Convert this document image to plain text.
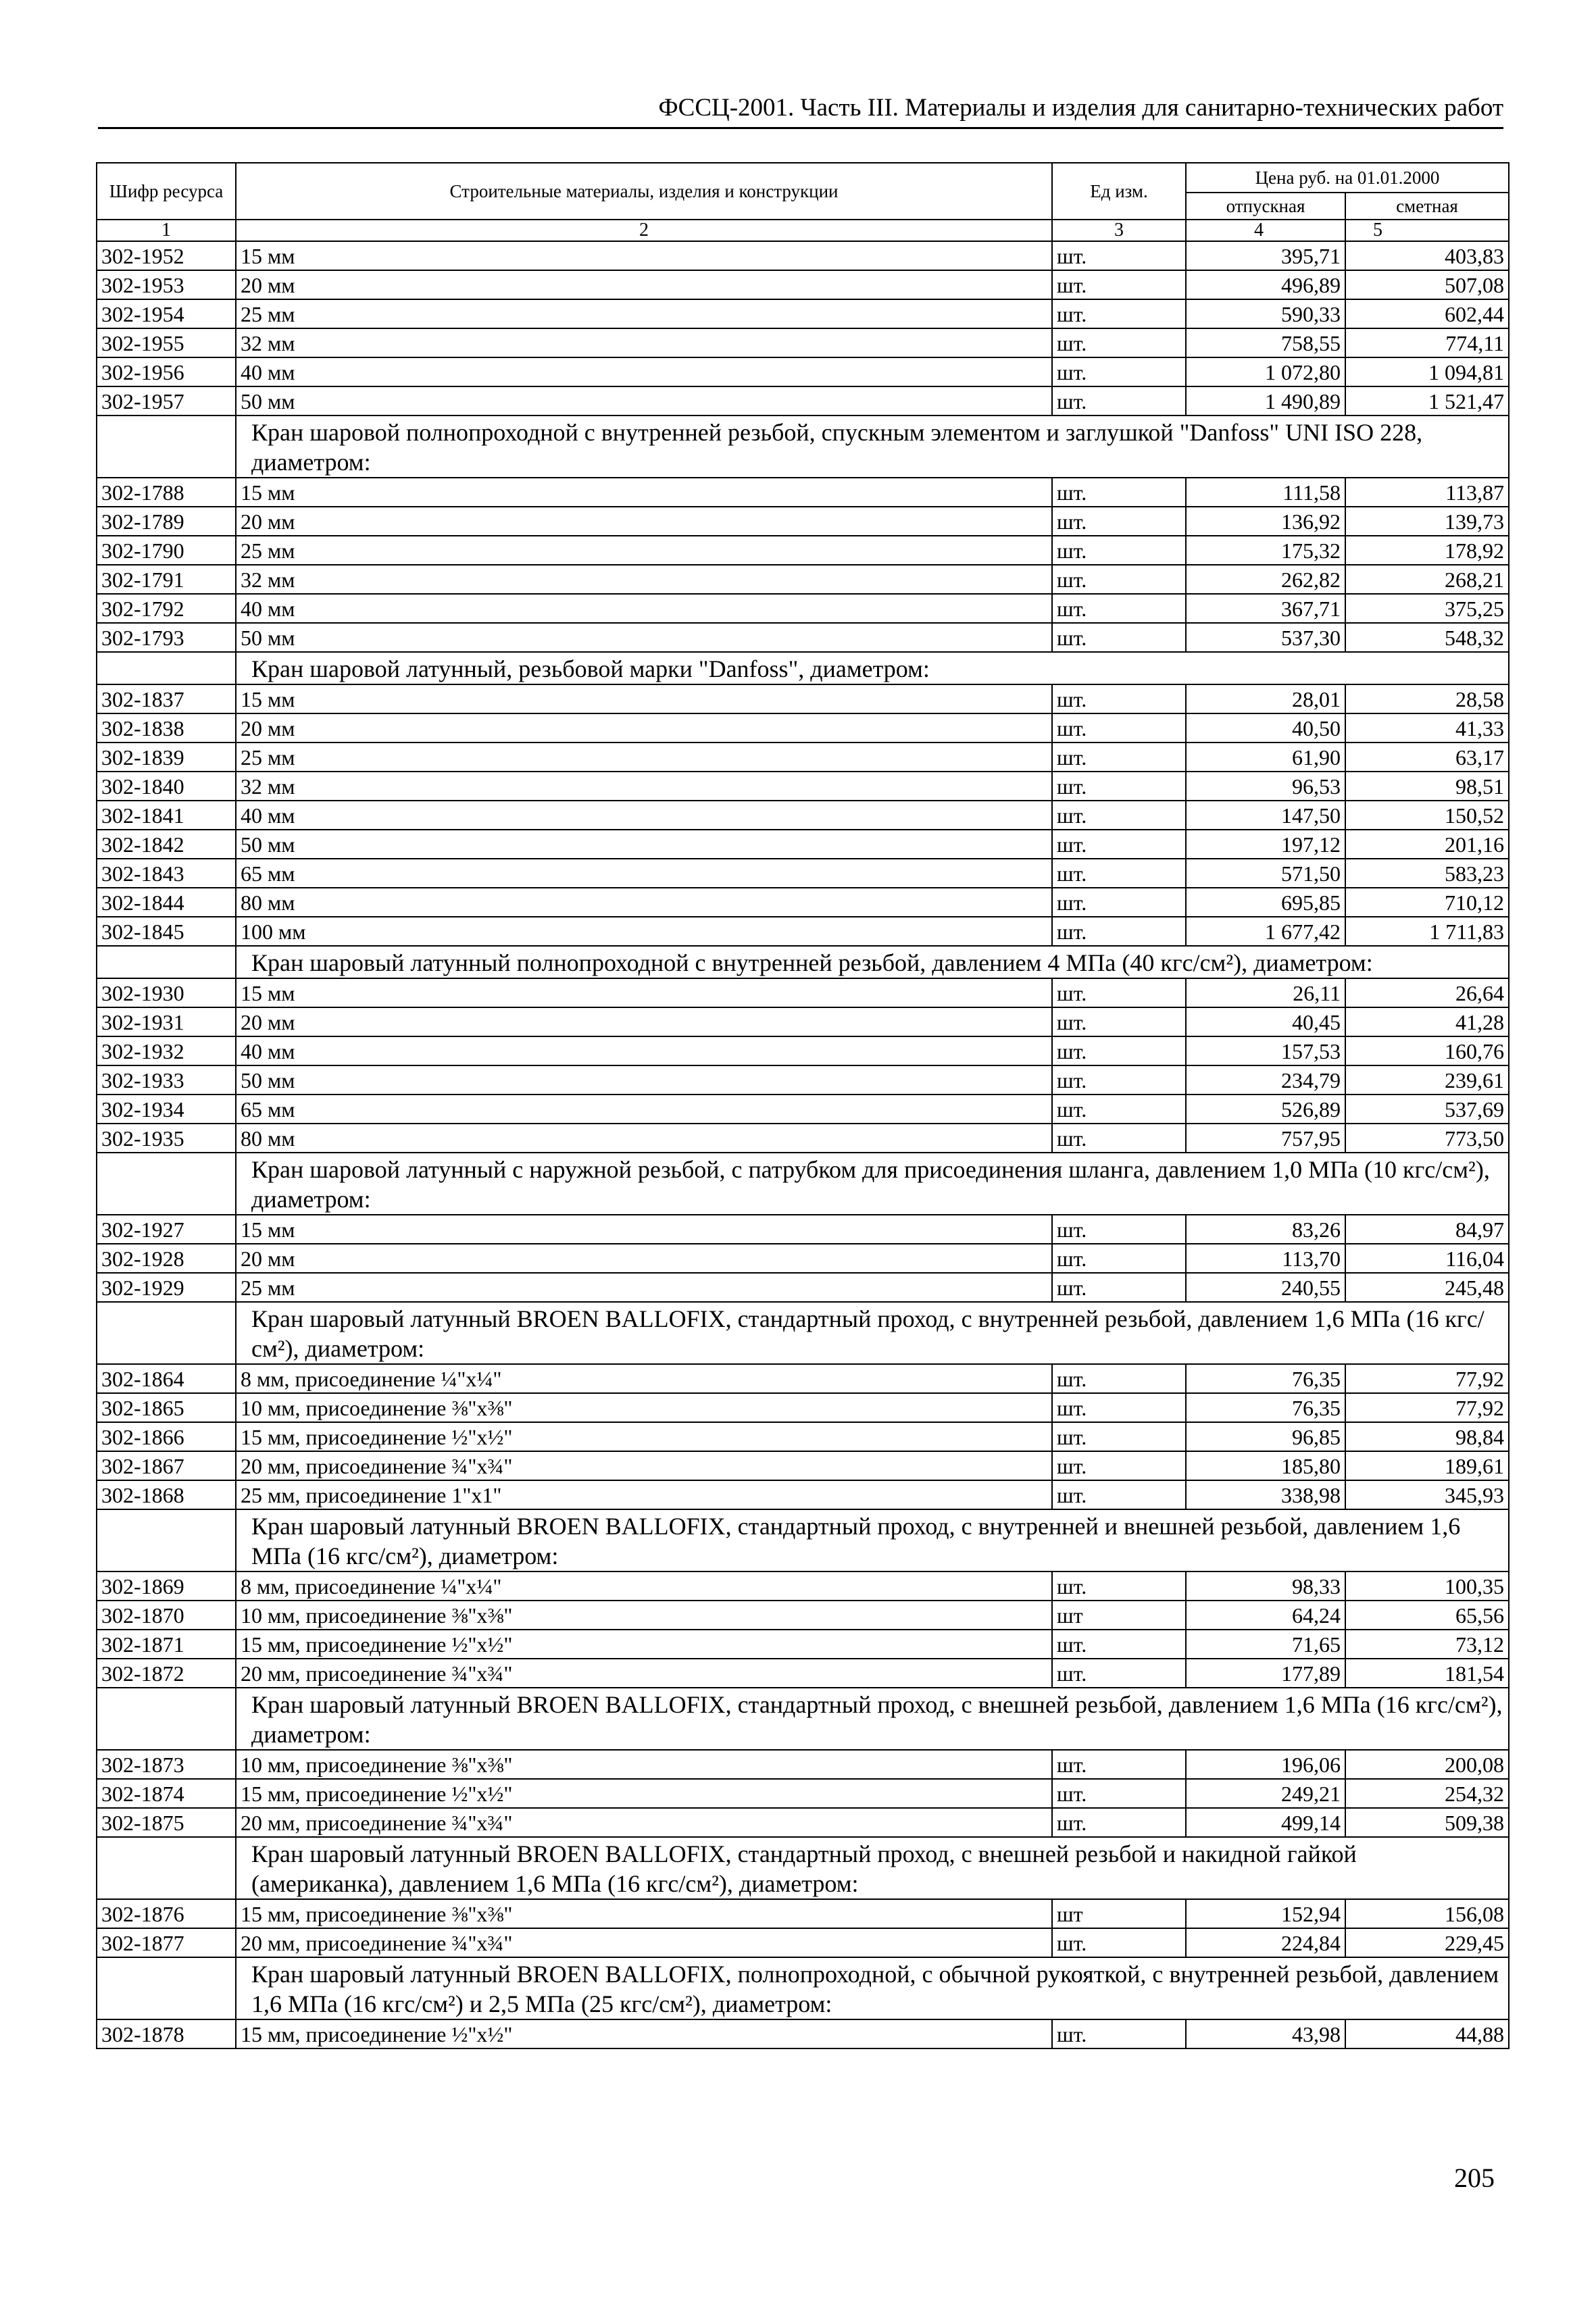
ФССЦ-2001. Часть III. Материалы и изделия для санитарно-технических работ
Шифр ресурса	Строительные материалы, изделия и конструкции	Ед изм.	Цена руб. на 01.01.2000	
			отпускная	сметная
1	2	3	4	5
302-1952	15 мм	шт.	395,71	403,83
302-1953	20 мм	шт.	496,89	507,08
302-1954	25 мм	шт.	590,33	602,44
302-1955	32 мм	шт.	758,55	774,11
302-1956	40 мм	шт.	1 072,80	1 094,81
302-1957	50 мм	шт.	1 490,89	1 521,47
	Кран шаровой полнопроходной с внутренней резьбой, спускным элементом и заглушкой "Danfoss" UNI ISO 228, диаметром:			
302-1788	15 мм	шт.	111,58	113,87
302-1789	20 мм	шт.	136,92	139,73
302-1790	25 мм	шт.	175,32	178,92
302-1791	32 мм	шт.	262,82	268,21
302-1792	40 мм	шт.	367,71	375,25
302-1793	50 мм	шт.	537,30	548,32
	Кран шаровой латунный, резьбовой марки "Danfoss", диаметром:			
302-1837	15 мм	шт.	28,01	28,58
302-1838	20 мм	шт.	40,50	41,33
302-1839	25 мм	шт.	61,90	63,17
302-1840	32 мм	шт.	96,53	98,51
302-1841	40 мм	шт.	147,50	150,52
302-1842	50 мм	шт.	197,12	201,16
302-1843	65 мм	шт.	571,50	583,23
302-1844	80 мм	шт.	695,85	710,12
302-1845	100 мм	шт.	1 677,42	1 711,83
	Кран шаровый латунный полнопроходной с внутренней резьбой, давлением 4 МПа (40 кгс/см²), диаметром:			
302-1930	15 мм	шт.	26,11	26,64
302-1931	20 мм	шт.	40,45	41,28
302-1932	40 мм	шт.	157,53	160,76
302-1933	50 мм	шт.	234,79	239,61
302-1934	65 мм	шт.	526,89	537,69
302-1935	80 мм	шт.	757,95	773,50
	Кран шаровой латунный с наружной резьбой, с патрубком для присоединения шланга, давлением 1,0 МПа (10 кгс/см²), диаметром:			
302-1927	15 мм	шт.	83,26	84,97
302-1928	20 мм	шт.	113,70	116,04
302-1929	25 мм	шт.	240,55	245,48
	Кран шаровый латунный BROEN BALLOFIX, стандартный проход, с внутренней резьбой, давлением 1,6 МПа (16 кгс/см²), диаметром:			
302-1864	8 мм, присоединение ¼"x¼"	шт.	76,35	77,92
302-1865	10 мм, присоединение ⅜"x⅜"	шт.	76,35	77,92
302-1866	15 мм, присоединение ½"x½"	шт.	96,85	98,84
302-1867	20 мм, присоединение ¾"x¾"	шт.	185,80	189,61
302-1868	25 мм, присоединение 1"x1"	шт.	338,98	345,93
	Кран шаровый латунный BROEN BALLOFIX, стандартный проход, с внутренней и внешней резьбой, давлением 1,6 МПа (16 кгс/см²), диаметром:			
302-1869	8 мм, присоединение ¼"x¼"	шт.	98,33	100,35
302-1870	10 мм, присоединение ⅜"x⅜"	шт	64,24	65,56
302-1871	15 мм, присоединение ½"x½"	шт.	71,65	73,12
302-1872	20 мм, присоединение ¾"x¾"	шт.	177,89	181,54
	Кран шаровый латунный BROEN BALLOFIX, стандартный проход, с внешней резьбой, давлением 1,6 МПа (16 кгс/см²), диаметром:			
302-1873	10 мм, присоединение ⅜"x⅜"	шт.	196,06	200,08
302-1874	15 мм, присоединение ½"x½"	шт.	249,21	254,32
302-1875	20 мм, присоединение ¾"x¾"	шт.	499,14	509,38
	Кран шаровый латунный BROEN BALLOFIX, стандартный проход, с внешней резьбой и накидной гайкой (американка), давлением 1,6 МПа (16 кгс/см²), диаметром:			
302-1876	15 мм, присоединение ⅜"x⅜"	шт	152,94	156,08
302-1877	20 мм, присоединение ¾"x¾"	шт.	224,84	229,45
	Кран шаровый латунный BROEN BALLOFIX, полнопроходной, с обычной рукояткой, с внутренней резьбой, давлением 1,6 МПа (16 кгс/см²) и 2,5 МПа (25 кгс/см²), диаметром:			
302-1878	15 мм, присоединение ½"x½"	шт.	43,98	44,88
205
